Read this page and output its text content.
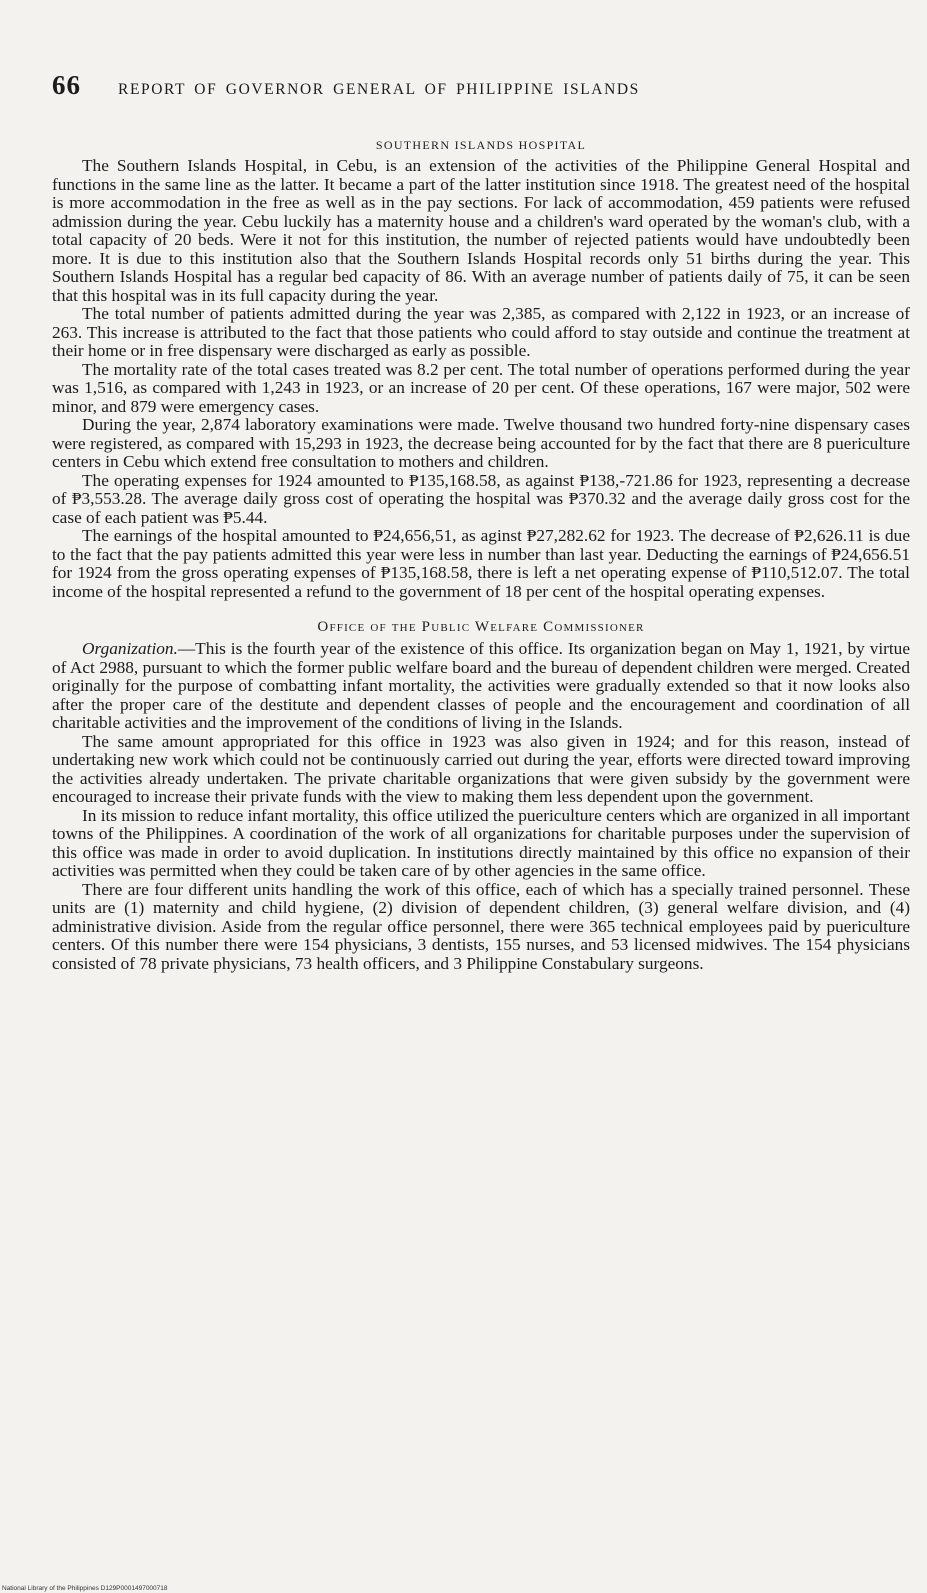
66	REPORT OF GOVERNOR GENERAL OF PHILIPPINE ISLANDS
SOUTHERN ISLANDS HOSPITAL

The Southern Islands Hospital, in Cebu, is an extension of the activities of the Philippine General Hospital and functions in the same line as the latter. It became a part of the latter institution since 1918. The greatest need of the hospital is more accommodation in the free as well as in the pay sections. For lack of accommodation, 459 patients were refused admission during the year. Cebu luckily has a maternity house and a children's ward operated by the woman's club, with a total capacity of 20 beds. Were it not for this institution, the number of rejected patients would have undoubtedly been more. It is due to this institution also that the Southern Islands Hospital records only 51 births during the year. This Southern Islands Hospital has a regular bed capacity of 86. With an average number of patients daily of 75, it can be seen that this hospital was in its full capacity during the year.

The total number of patients admitted during the year was 2,385, as compared with 2,122 in 1923, or an increase of 263. This increase is attributed to the fact that those patients who could afford to stay outside and continue the treatment at their home or in free dispensary were discharged as early as possible.

The mortality rate of the total cases treated was 8.2 per cent. The total number of operations performed during the year was 1,516, as compared with 1,243 in 1923, or an increase of 20 per cent. Of these operations, 167 were major, 502 were minor, and 879 were emergency cases.

During the year, 2,874 laboratory examinations were made. Twelve thousand two hundred forty-nine dispensary cases were registered, as compared with 15,293 in 1923, the decrease being accounted for by the fact that there are 8 puericulture centers in Cebu which extend free consultation to mothers and children.

The operating expenses for 1924 amounted to ₱135,168.58, as against ₱138,-721.86 for 1923, representing a decrease of ₱3,553.28. The average daily gross cost of operating the hospital was ₱370.32 and the average daily gross cost for the case of each patient was ₱5.44.

The earnings of the hospital amounted to ₱24,656,51, as aginst ₱27,282.62 for 1923. The decrease of ₱2,626.11 is due to the fact that the pay patients admitted this year were less in number than last year. Deducting the earnings of ₱24,656.51 for 1924 from the gross operating expenses of ₱135,168.58, there is left a net operating expense of ₱110,512.07. The total income of the hospital represented a refund to the government of 18 per cent of the hospital operating expenses.

Office of the Public Welfare Commissioner

Organization.—This is the fourth year of the existence of this office. Its organization began on May 1, 1921, by virtue of Act 2988, pursuant to which the former public welfare board and the bureau of dependent children were merged. Created originally for the purpose of combatting infant mortality, the activities were gradually extended so that it now looks also after the proper care of the destitute and dependent classes of people and the encouragement and coordination of all charitable activities and the improvement of the conditions of living in the Islands.

The same amount appropriated for this office in 1923 was also given in 1924; and for this reason, instead of undertaking new work which could not be continuously carried out during the year, efforts were directed toward improving the activities already undertaken. The private charitable organizations that were given subsidy by the government were encouraged to increase their private funds with the view to making them less dependent upon the government.

In its mission to reduce infant mortality, this office utilized the puericulture centers which are organized in all important towns of the Philippines. A coordination of the work of all organizations for charitable purposes under the supervision of this office was made in order to avoid duplication. In institutions directly maintained by this office no expansion of their activities was permitted when they could be taken care of by other agencies in the same office.

There are four different units handling the work of this office, each of which has a specially trained personnel. These units are (1) maternity and child hygiene, (2) division of dependent children, (3) general welfare division, and (4) administrative division. Aside from the regular office personnel, there were 365 technical employees paid by puericulture centers. Of this number there were 154 physicians, 3 dentists, 155 nurses, and 53 licensed midwives. The 154 physicians consisted of 78 private physicians, 73 health officers, and 3 Philippine Constabulary surgeons.

National Library of the Philippines D129P0001497000718
